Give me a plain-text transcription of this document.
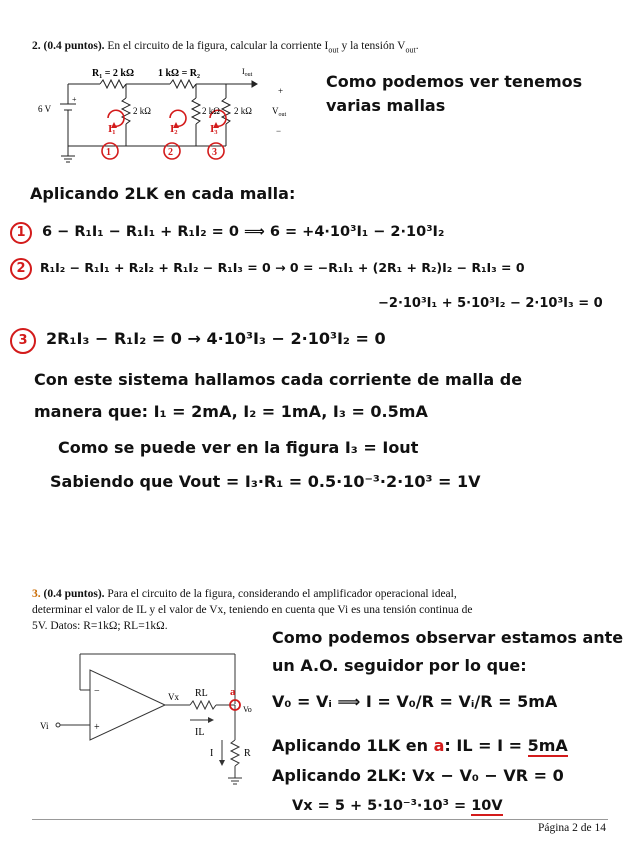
2. (0.4 puntos). En el circuito de la figura, calcular la corriente $I_{out}$ y la tensión $V_{out}$.
R₁ = 2 kΩ 1 kΩ = R₂
6 V
+
2 kΩ	2 kΩ 2 kΩ
$I_{out}$
+
$V_{out}$
−
I₁	I₂	I₃
1	2	3
Como podemos ver tenemos varias mallas
Aplicando 2LK en cada malla:
1 6 − R₁I₁ − R₁I₁ + R₁I₂ = 0 ⟹ 6 = +4·10³I₁ − 2·10³I₂
2 R₁I₂ − R₁I₁ + R₂I₂ + R₁I₂ − R₁I₃ = 0 → 0 = −R₁I₁ + (2R₁ + R₂)I₂ − R₁I₃ = 0
−2·10³I₁ + 5·10³I₂ − 2·10³I₃ = 0
3 2R₁I₃ − R₁I₂ = 0 → 4·10³I₃ − 2·10³I₂ = 0
Con este sistema hallamos cada corriente de malla de
manera que: I₁ = 2mA, I₂ = 1mA, I₃ = 0.5mA
Como se puede ver en la figura I₃ = Iout
Sabiendo que Vout = I₃·R₁ = 0.5·10⁻³·2·10³ = 1V
3. (0.4 puntos). Para el circuito de la figura, considerando el amplificador operacional ideal,
determinar el valor de IL y el valor de Vx, teniendo en cuenta que Vi es una tensión continua de
5V. Datos: R=1kΩ; RL=1kΩ.
−
+
Vx RL
IL
R
I
Vi
Vo
a
Como podemos observar estamos ante
un A.O. seguidor por lo que:
V₀ = Vᵢ ⟹ I = V₀/R = Vᵢ/R = 5mA
Aplicando 1LK en a: IL = I = 5mA
Aplicando 2LK: Vx − V₀ − VR = 0
Vx = 5 + 5·10⁻³·10³ = 10V
Página 2 de 14
